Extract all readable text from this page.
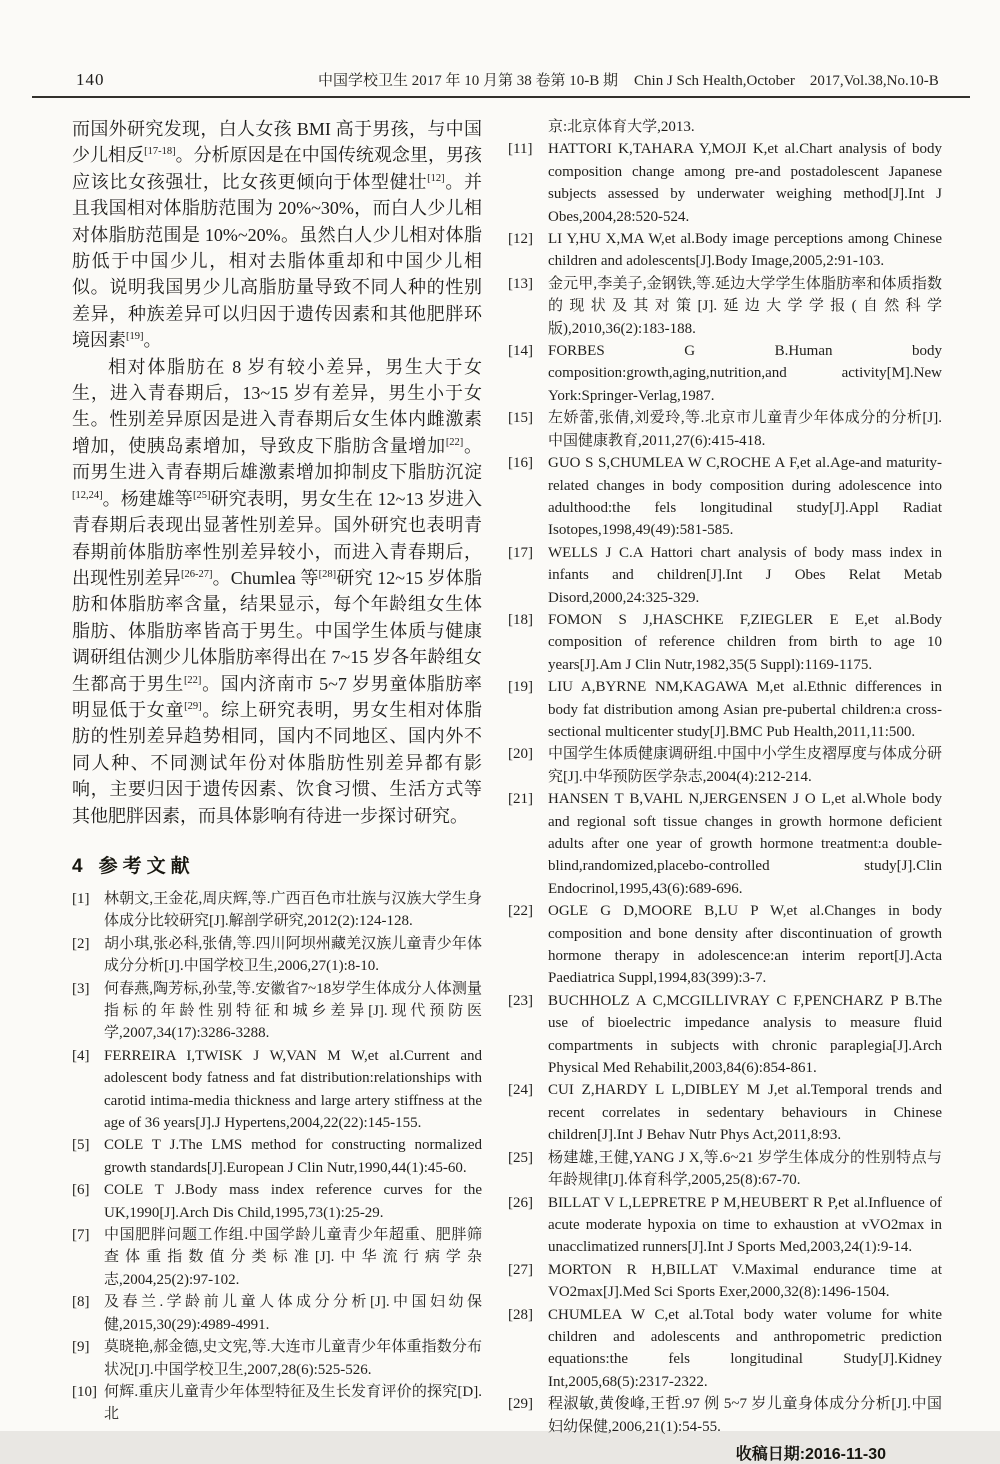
140	中国学校卫生 2017 年 10 月第 38 卷第 10-B 期 Chin J Sch Health,October　2017,Vol.38,No.10-B

而国外研究发现，白人女孩 BMI 高于男孩，与中国少儿相反[17-18]。分析原因是在中国传统观念里，男孩应该比女孩强壮，比女孩更倾向于体型健壮[12]。并且我国相对体脂肪范围为 20%~30%，而白人少儿相对体脂肪范围是 10%~20%。虽然白人少儿相对体脂肪低于中国少儿，相对去脂体重却和中国少儿相似。说明我国男少儿高脂肪量导致不同人种的性别差异，种族差异可以归因于遗传因素和其他肥胖环境因素[19]。

相对体脂肪在 8 岁有较小差异，男生大于女生，进入青春期后，13~15 岁有差异，男生小于女生。性别差异原因是进入青春期后女生体内雌激素增加，使胰岛素增加，导致皮下脂肪含量增加[22]。而男生进入青春期后雄激素增加抑制皮下脂肪沉淀[12,24]。杨建雄等[25]研究表明，男女生在 12~13 岁进入青春期后表现出显著性别差异。国外研究也表明青春期前体脂肪率性别差异较小，而进入青春期后，出现性别差异[26-27]。Chumlea 等[28]研究 12~15 岁体脂肪和体脂肪率含量，结果显示，每个年龄组女生体脂肪、体脂肪率皆高于男生。中国学生体质与健康调研组估测少儿体脂肪率得出在 7~15 岁各年龄组女生都高于男生[22]。国内济南市 5~7 岁男童体脂肪率明显低于女童[29]。综上研究表明，男女生相对体脂肪的性别差异趋势相同，国内不同地区、国内外不同人种、不同测试年份对体脂肪性别差异都有影响，主要归因于遗传因素、饮食习惯、生活方式等其他肥胖因素，而具体影响有待进一步探讨研究。

4 参考文献
[1] 林朝文,王金花,周庆辉,等.广西百色市壮族与汉族大学生身体成分比较研究[J].解剖学研究,2012(2):124-128.
[2] 胡小琪,张必科,张倩,等.四川阿坝州藏羌汉族儿童青少年体成分分析[J].中国学校卫生,2006,27(1):8-10.
[3] 何春燕,陶芳标,孙莹,等.安徽省7~18岁学生体成分人体测量指标的年龄性别特征和城乡差异[J].现代预防医学,2007,34(17):3286-3288.
[4] FERREIRA I,TWISK J W,VAN M W,et al.Current and adolescent body fatness and fat distribution:relationships with carotid intima-media thickness and large artery stiffness at the age of 36 years[J].J Hypertens,2004,22(22):145-155.
[5] COLE T J.The LMS method for constructing normalized growth standards[J].European J Clin Nutr,1990,44(1):45-60.
[6] COLE T J.Body mass index reference curves for the UK,1990[J].Arch Dis Child,1995,73(1):25-29.
[7] 中国肥胖问题工作组.中国学龄儿童青少年超重、肥胖筛查体重指数值分类标准[J].中华流行病学杂志,2004,25(2):97-102.
[8] 及春兰.学龄前儿童人体成分分析[J].中国妇幼保健,2015,30(29):4989-4991.
[9] 莫晓艳,郝金德,史文宪,等.大连市儿童青少年体重指数分布状况[J].中国学校卫生,2007,28(6):525-526.
[10] 何辉.重庆儿童青少年体型特征及生长发育评价的探究[D].北
京:北京体育大学,2013.
[11]	HATTORI K,TAHARA Y,MOJI K,et al.Chart analysis of body composition change among pre-and postadolescent Japanese subjects assessed by underwater weighing method[J].Int J Obes,2004,28:520-524.
[12]	LI Y,HU X,MA W,et al.Body image perceptions among Chinese children and adolescents[J].Body Image,2005,2:91-103.
[13]	金元甲,李美子,金钢铁,等.延边大学学生体脂肪率和体质指数的现状及其对策[J].延边大学学报(自然科学版),2010,36(2):183-188.
[14]	FORBES G B.Human body composition:growth,aging,nutrition,and activity[M].New York:Springer-Verlag,1987.
[15]	左娇蕾,张倩,刘爱玲,等.北京市儿童青少年体成分的分析[J].中国健康教育,2011,27(6):415-418.
[16]	GUO S S,CHUMLEA W C,ROCHE A F,et al.Age-and maturity-related changes in body composition during adolescence into adulthood:the fels longitudinal study[J].Appl Radiat Isotopes,1998,49(49):581-585.
[17]	WELLS J C.A Hattori chart analysis of body mass index in infants and children[J].Int J Obes Relat Metab Disord,2000,24:325-329.
[18]	FOMON S J,HASCHKE F,ZIEGLER E E,et al.Body composition of reference children from birth to age 10 years[J].Am J Clin Nutr,1982,35(5 Suppl):1169-1175.
[19]	LIU A,BYRNE NM,KAGAWA M,et al.Ethnic differences in body fat distribution among Asian pre-pubertal children:a cross-sectional multicenter study[J].BMC Pub Health,2011,11:500.
[20]	中国学生体质健康调研组.中国中小学生皮褶厚度与体成分研究[J].中华预防医学杂志,2004(4):212-214.
[21]	HANSEN T B,VAHL N,JERGENSEN J O L,et al.Whole body and regional soft tissue changes in growth hormone deficient adults after one year of growth hormone treatment:a double-blind,randomized,placebo-controlled study[J].Clin Endocrinol,1995,43(6):689-696.
[22]	OGLE G D,MOORE B,LU P W,et al.Changes in body composition and bone density after discontinuation of growth hormone therapy in adolescence:an interim report[J].Acta Paediatrica Suppl,1994,83(399):3-7.
[23]	BUCHHOLZ A C,MCGILLIVRAY C F,PENCHARZ P B.The use of bioelectric impedance analysis to measure fluid compartments in subjects with chronic paraplegia[J].Arch Physical Med Rehabilit,2003,84(6):854-861.
[24]	CUI Z,HARDY L L,DIBLEY M J,et al.Temporal trends and recent correlates in sedentary behaviours in Chinese children[J].Int J Behav Nutr Phys Act,2011,8:93.
[25]	杨建雄,王健,YANG J X,等.6~21 岁学生体成分的性别特点与年龄规律[J].体育科学,2005,25(8):67-70.
[26]	BILLAT V L,LEPRETRE P M,HEUBERT R P,et al.Influence of acute moderate hypoxia on time to exhaustion at vVO2max in unacclimatized runners[J].Int J Sports Med,2003,24(1):9-14.
[27]	MORTON R H,BILLAT V.Maximal endurance time at VO2max[J].Med Sci Sports Exer,2000,32(8):1496-1504.
[28]	CHUMLEA W C,et al.Total body water volume for white children and adolescents and anthropometric prediction equations:the fels longitudinal Study[J].Kidney Int,2005,68(5):2317-2322.
[29]	程淑敏,黄俊峰,王哲.97 例 5~7 岁儿童身体成分分析[J].中国妇幼保健,2006,21(1):54-55.
收稿日期:2016-11-30
